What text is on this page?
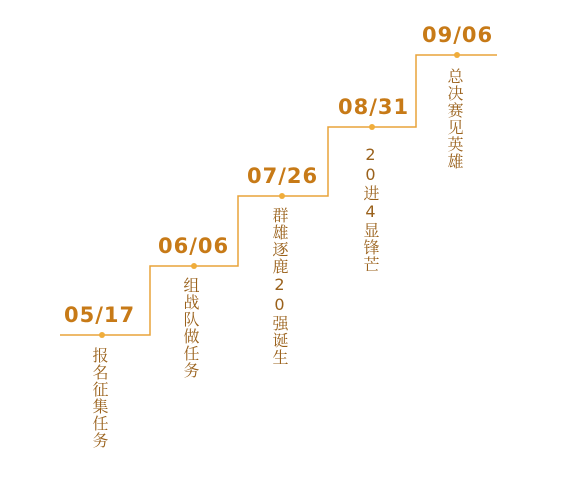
05/17
报名征集任务
06/06
组战队做任务
07/26
群雄逐鹿20强诞生
08/31
20进4显锋芒
09/06
总决赛见英雄
